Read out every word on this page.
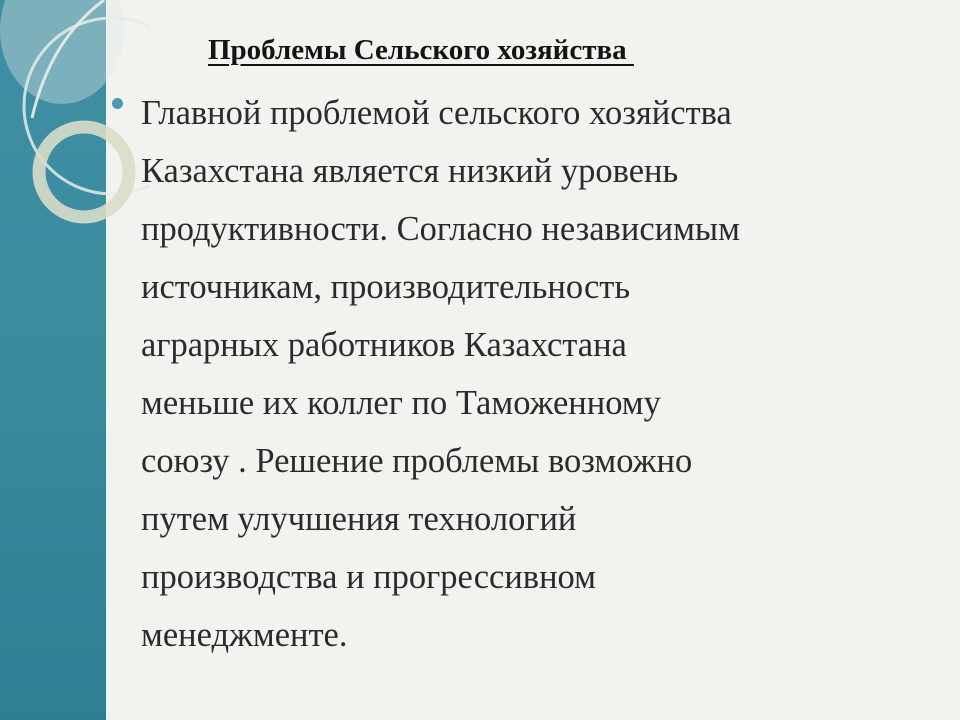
Проблемы Сельского хозяйства

Главной проблемой сельского хозяйства
Казахстана является низкий уровень
продуктивности. Согласно независимым
источникам, производительность
аграрных работников Казахстана
меньше их коллег по Таможенному
союзу . Решение проблемы возможно
путем улучшения технологий
производства и прогрессивном
менеджменте.
